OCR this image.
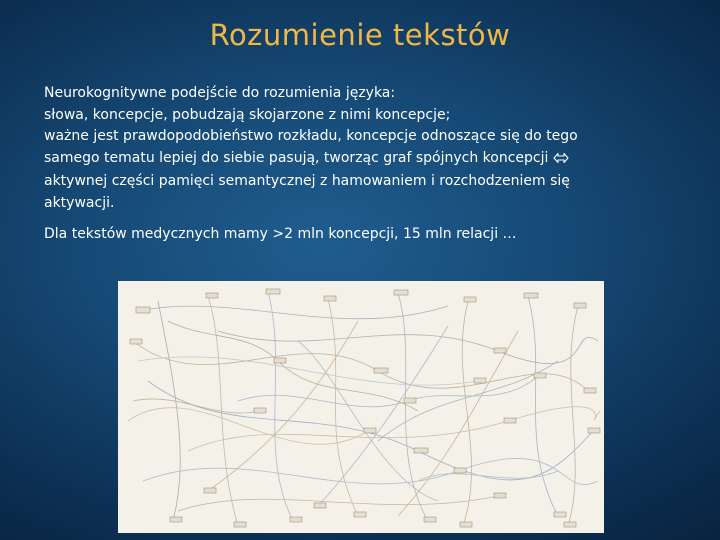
Rozumienie tekstów

Neurokognitywne podejście do rozumienia języka:
słowa, koncepcje, pobudzają skojarzone z nimi koncepcje;
ważne jest prawdopodobieństwo rozkładu, koncepcje odnoszące się do tego
samego tematu lepiej do siebie pasują, tworząc graf spójnych koncepcji
aktywnej części pamięci semantycznej z hamowaniem i rozchodzeniem się
aktywacji.

Dla tekstów medycznych mamy >2 mln koncepcji, 15 mln relacji …
